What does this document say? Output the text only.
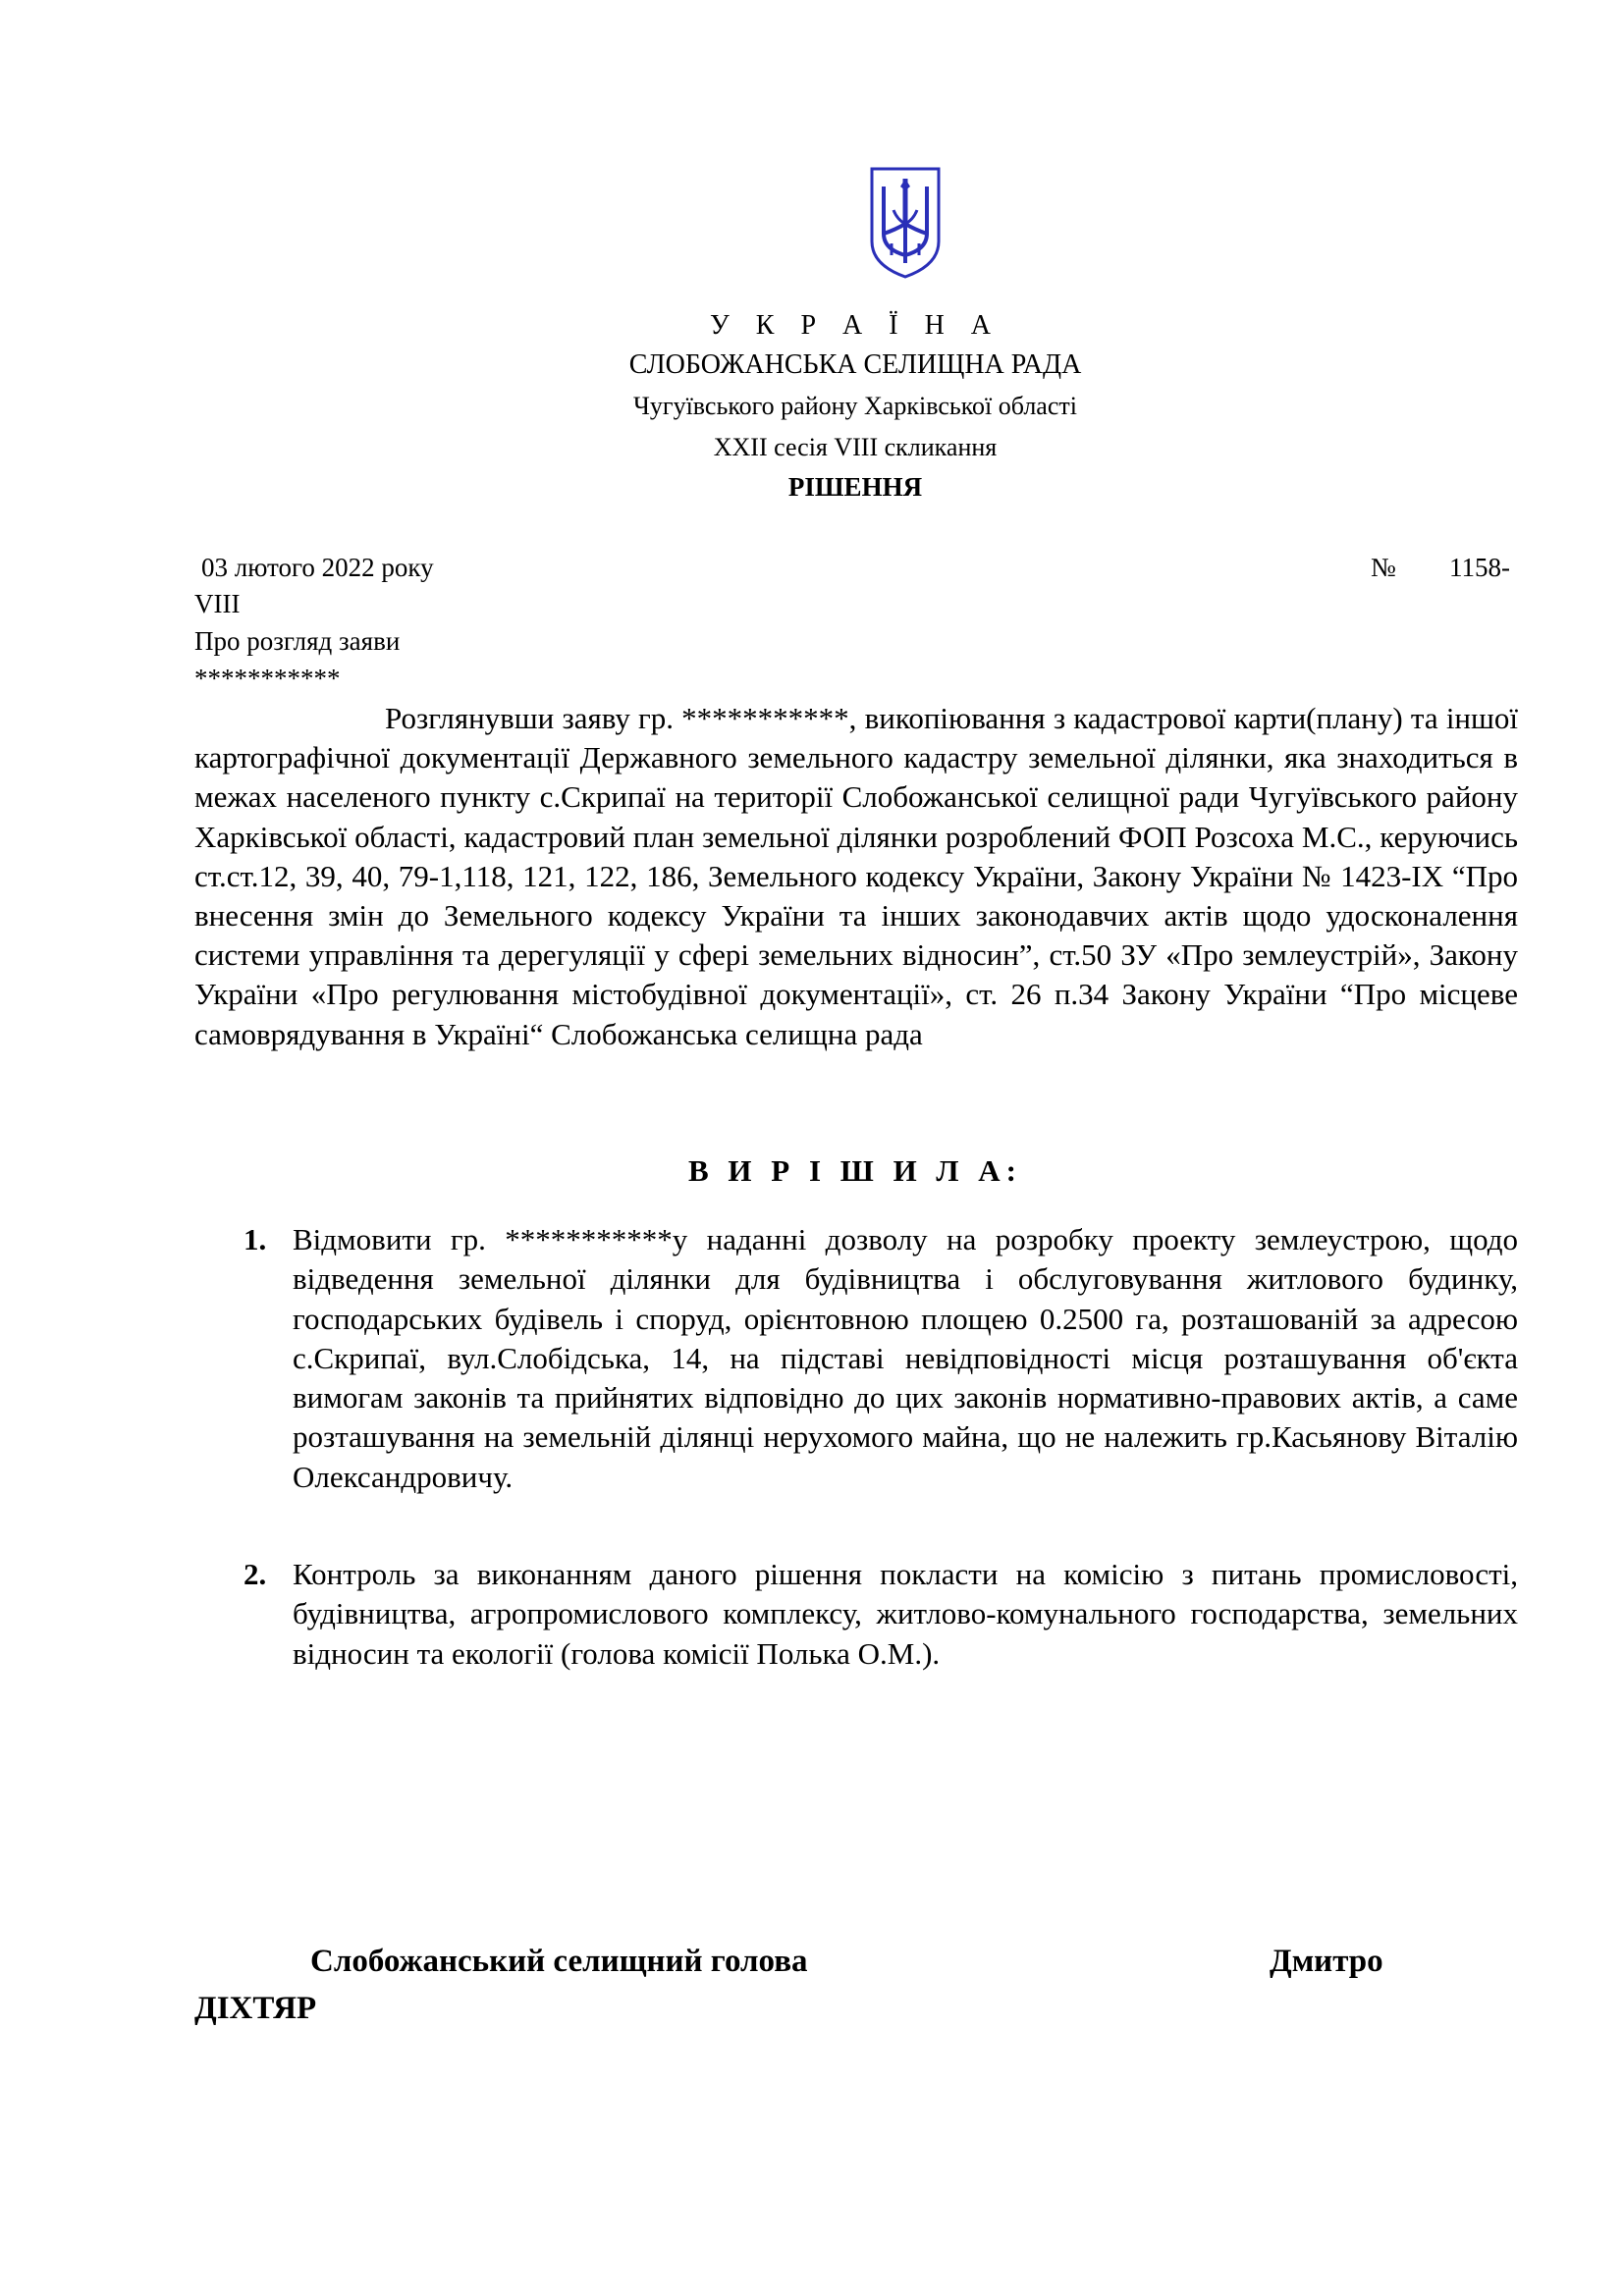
У К Р А Ї Н А
СЛОБОЖАНСЬКА СЕЛИЩНА РАДА
Чугуївського району Харківської області
XXII сесія VIII скликання
РІШЕННЯ
03 лютого 2022 року	№ 1158-
VIII
Про розгляд заяви
***********

Розглянувши заяву гр. ***********, викопіювання з кадастрової карти(плану) та іншої картографічної документації Державного земельного кадастру земельної ділянки, яка знаходиться в межах населеного пункту с.Скрипаї на території Слобожанської селищної ради Чугуївського району Харківської області, кадастровий план земельної ділянки розроблений ФОП Розсоха М.С., керуючись ст.ст.12, 39, 40, 79-1,118, 121, 122, 186, Земельного кодексу України, Закону України № 1423-IX “Про внесення змін до Земельного кодексу України та інших законодавчих актів щодо удосконалення системи управління та дерегуляції у сфері земельних відносин”, ст.50 ЗУ «Про землеустрій», Закону України «Про регулювання містобудівної документації», ст. 26 п.34 Закону України “Про місцеве самоврядування в Україні“ Слобожанська селищна рада

В И Р І Ш И Л А:
1. Відмовити гр. ***********у наданні дозволу на розробку проекту землеустрою, щодо відведення земельної ділянки для будівництва і обслуговування житлового будинку, господарських будівель і споруд, орієнтовною площею 0.2500 га, розташованій за адресою с.Скрипаї, вул.Слобідська, 14, на підставі невідповідності місця розташування об'єкта вимогам законів та прийнятих відповідно до цих законів нормативно-правових актів, а саме розташування на земельній ділянці нерухомого майна, що не належить гр.Касьянову Віталію Олександровичу.
2. Контроль за виконанням даного рішення покласти на комісію з питань промисловості, будівництва, агропромислового комплексу, житлово-комунального господарства, земельних відносин та екології (голова комісії Полька О.М.).
Слобожанський селищний голова	Дмитро
ДІХТЯР
